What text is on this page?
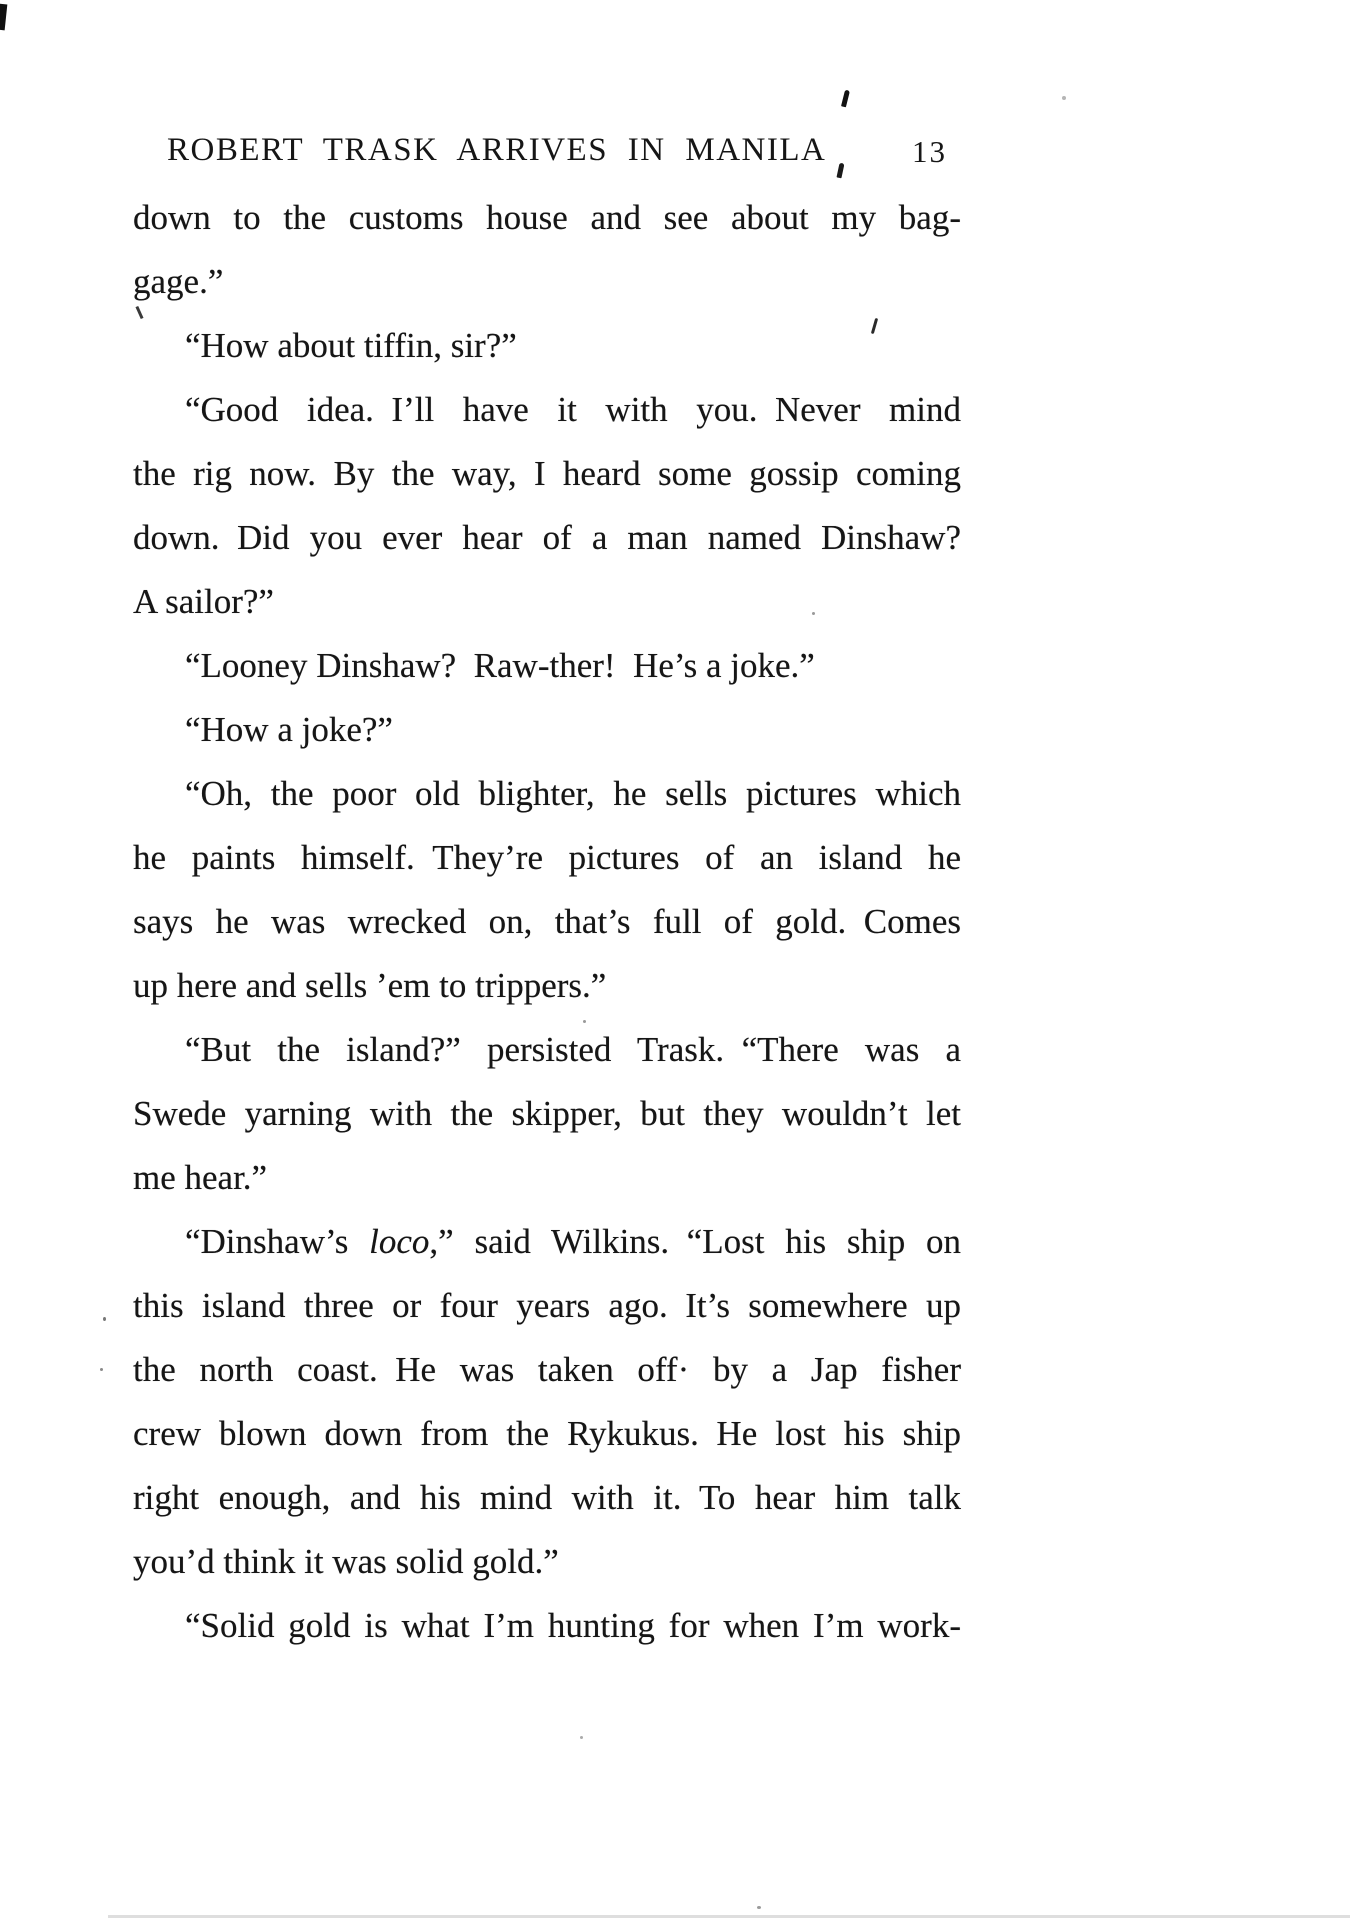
ROBERT TRASK ARRIVES IN MANILA	13
down to the customs house and see about my bag-
gage.”
“How about tiffin, sir?”
“Good idea. I’ll have it with you. Never mind
the rig now. By the way, I heard some gossip coming
down. Did you ever hear of a man named Dinshaw?
A sailor?”
“Looney Dinshaw? Raw-ther! He’s a joke.”
“How a joke?”
“Oh, the poor old blighter, he sells pictures which
he paints himself. They’re pictures of an island he
says he was wrecked on, that’s full of gold. Comes
up here and sells ’em to trippers.”
“But the island?” persisted Trask. “There was a
Swede yarning with the skipper, but they wouldn’t let
me hear.”
“Dinshaw’s loco,” said Wilkins. “Lost his ship on
this island three or four years ago. It’s somewhere up
the north coast. He was taken off· by a Jap fisher
crew blown down from the Rykukus. He lost his ship
right enough, and his mind with it. To hear him talk
you’d think it was solid gold.”
“Solid gold is what I’m hunting for when I’m work-
